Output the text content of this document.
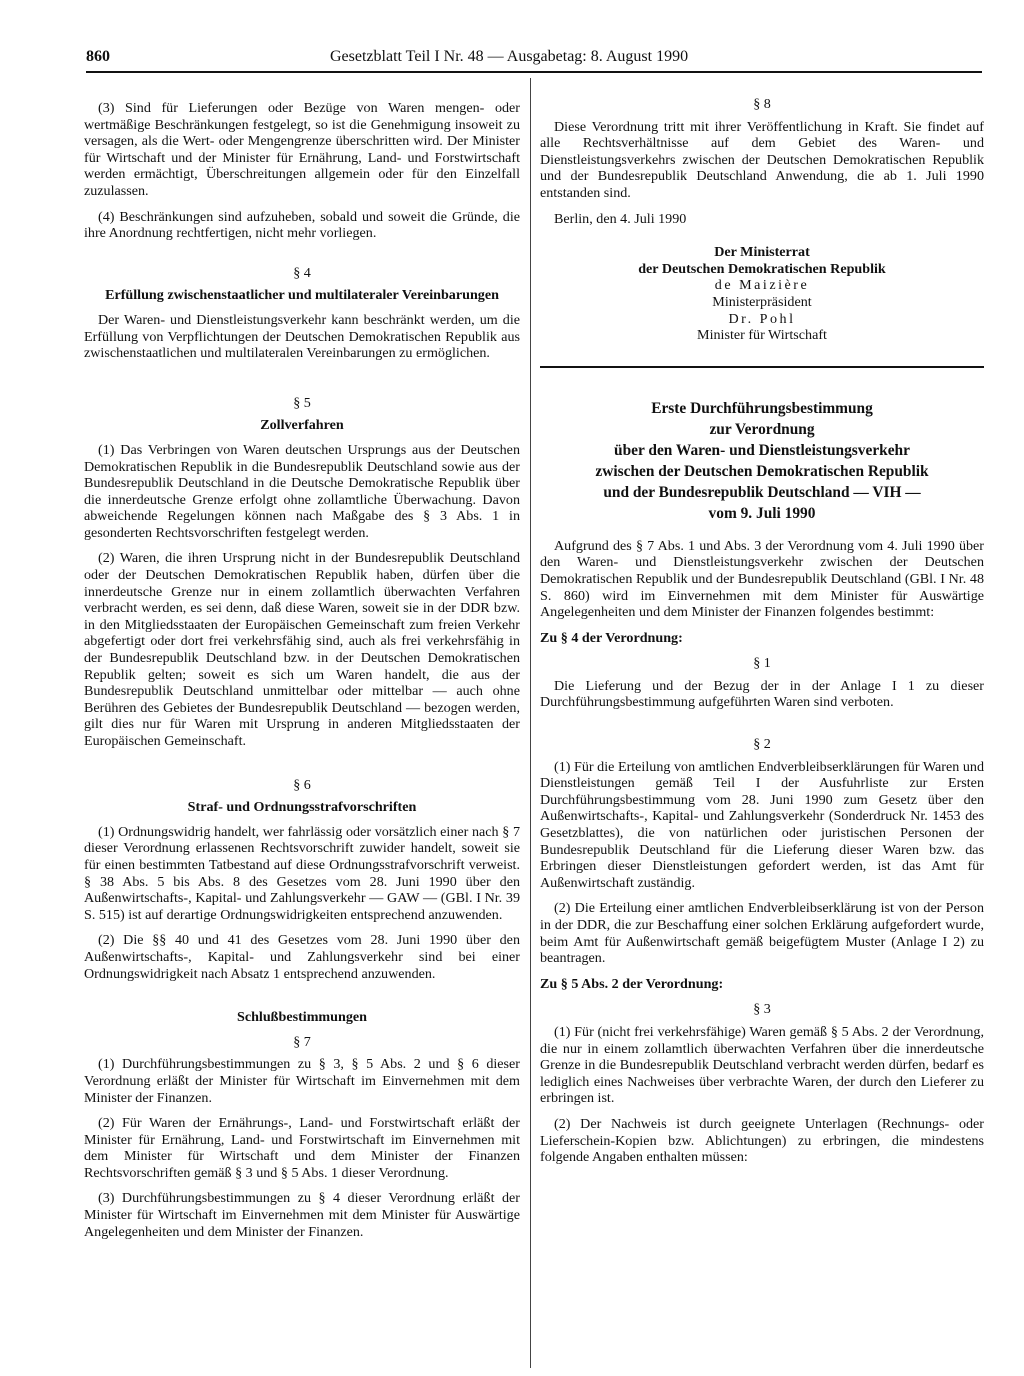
860	Gesetzblatt Teil I Nr. 48 — Ausgabetag: 8. August 1990

(3) Sind für Lieferungen oder Bezüge von Waren mengen- oder wertmäßige Beschränkungen festgelegt, so ist die Genehmigung insoweit zu versagen, als die Wert- oder Mengengrenze überschritten wird. Der Minister für Wirtschaft und der Minister für Ernährung, Land- und Forstwirtschaft werden ermächtigt, Überschreitungen allgemein oder für den Einzelfall zuzulassen.

(4) Beschränkungen sind aufzuheben, sobald und soweit die Gründe, die ihre Anordnung rechtfertigen, nicht mehr vorliegen.

§ 4
Erfüllung zwischenstaatlicher und multilateraler Vereinbarungen

Der Waren- und Dienstleistungsverkehr kann beschränkt werden, um die Erfüllung von Verpflichtungen der Deutschen Demokratischen Republik aus zwischenstaatlichen und multilateralen Vereinbarungen zu ermöglichen.

§ 5
Zollverfahren

(1) Das Verbringen von Waren deutschen Ursprungs aus der Deutschen Demokratischen Republik in die Bundesrepublik Deutschland sowie aus der Bundesrepublik Deutschland in die Deutsche Demokratische Republik über die innerdeutsche Grenze erfolgt ohne zollamtliche Überwachung. Davon abweichende Regelungen können nach Maßgabe des § 3 Abs. 1 in gesonderten Rechtsvorschriften festgelegt werden.

(2) Waren, die ihren Ursprung nicht in der Bundesrepublik Deutschland oder der Deutschen Demokratischen Republik haben, dürfen über die innerdeutsche Grenze nur in einem zollamtlich überwachten Verfahren verbracht werden, es sei denn, daß diese Waren, soweit sie in der DDR bzw. in den Mitgliedsstaaten der Europäischen Gemeinschaft zum freien Verkehr abgefertigt oder dort frei verkehrsfähig sind, auch als frei verkehrsfähig in der Bundesrepublik Deutschland bzw. in der Deutschen Demokratischen Republik gelten; soweit es sich um Waren handelt, die aus der Bundesrepublik Deutschland unmittelbar oder mittelbar — auch ohne Berühren des Gebietes der Bundesrepublik Deutschland — bezogen werden, gilt dies nur für Waren mit Ursprung in anderen Mitgliedsstaaten der Europäischen Gemeinschaft.

§ 6
Straf- und Ordnungsstrafvorschriften

(1) Ordnungswidrig handelt, wer fahrlässig oder vorsätzlich einer nach § 7 dieser Verordnung erlassenen Rechtsvorschrift zuwider handelt, soweit sie für einen bestimmten Tatbestand auf diese Ordnungsstrafvorschrift verweist. § 38 Abs. 5 bis Abs. 8 des Gesetzes vom 28. Juni 1990 über den Außenwirtschafts-, Kapital- und Zahlungsverkehr — GAW — (GBl. I Nr. 39 S. 515) ist auf derartige Ordnungswidrigkeiten entsprechend anzuwenden.

(2) Die §§ 40 und 41 des Gesetzes vom 28. Juni 1990 über den Außenwirtschafts-, Kapital- und Zahlungsverkehr sind bei einer Ordnungswidrigkeit nach Absatz 1 entsprechend anzuwenden.

Schlußbestimmungen
§ 7

(1) Durchführungsbestimmungen zu § 3, § 5 Abs. 2 und § 6 dieser Verordnung erläßt der Minister für Wirtschaft im Einvernehmen mit dem Minister der Finanzen.

(2) Für Waren der Ernährungs-, Land- und Forstwirtschaft erläßt der Minister für Ernährung, Land- und Forstwirtschaft im Einvernehmen mit dem Minister für Wirtschaft und dem Minister der Finanzen Rechtsvorschriften gemäß § 3 und § 5 Abs. 1 dieser Verordnung.

(3) Durchführungsbestimmungen zu § 4 dieser Verordnung erläßt der Minister für Wirtschaft im Einvernehmen mit dem Minister für Auswärtige Angelegenheiten und dem Minister der Finanzen.

§ 8

Diese Verordnung tritt mit ihrer Veröffentlichung in Kraft. Sie findet auf alle Rechtsverhältnisse auf dem Gebiet des Waren- und Dienstleistungsverkehrs zwischen der Deutschen Demokratischen Republik und der Bundesrepublik Deutschland Anwendung, die ab 1. Juli 1990 entstanden sind.

Berlin, den 4. Juli 1990

Der Ministerrat
der Deutschen Demokratischen Republik
de Maizière
Ministerpräsident
Dr. Pohl
Minister für Wirtschaft
Erste Durchführungsbestimmung
zur Verordnung
über den Waren- und Dienstleistungsverkehr
zwischen der Deutschen Demokratischen Republik
und der Bundesrepublik Deutschland — VIH —
vom 9. Juli 1990

Aufgrund des § 7 Abs. 1 und Abs. 3 der Verordnung vom 4. Juli 1990 über den Waren- und Dienstleistungsverkehr zwischen der Deutschen Demokratischen Republik und der Bundesrepublik Deutschland (GBl. I Nr. 48 S. 860) wird im Einvernehmen mit dem Minister für Auswärtige Angelegenheiten und dem Minister der Finanzen folgendes bestimmt:

Zu § 4 der Verordnung:

§ 1

Die Lieferung und der Bezug der in der Anlage I 1 zu dieser Durchführungsbestimmung aufgeführten Waren sind verboten.

§ 2

(1) Für die Erteilung von amtlichen Endverbleibserklärungen für Waren und Dienstleistungen gemäß Teil I der Ausfuhrliste zur Ersten Durchführungsbestimmung vom 28. Juni 1990 zum Gesetz über den Außenwirtschafts-, Kapital- und Zahlungsverkehr (Sonderdruck Nr. 1453 des Gesetzblattes), die von natürlichen oder juristischen Personen der Bundesrepublik Deutschland für die Lieferung dieser Waren bzw. das Erbringen dieser Dienstleistungen gefordert werden, ist das Amt für Außenwirtschaft zuständig.

(2) Die Erteilung einer amtlichen Endverbleibserklärung ist von der Person in der DDR, die zur Beschaffung einer solchen Erklärung aufgefordert wurde, beim Amt für Außenwirtschaft gemäß beigefügtem Muster (Anlage I 2) zu beantragen.

Zu § 5 Abs. 2 der Verordnung:

§ 3

(1) Für (nicht frei verkehrsfähige) Waren gemäß § 5 Abs. 2 der Verordnung, die nur in einem zollamtlich überwachten Verfahren über die innerdeutsche Grenze in die Bundesrepublik Deutschland verbracht werden dürfen, bedarf es lediglich eines Nachweises über verbrachte Waren, der durch den Lieferer zu erbringen ist.

(2) Der Nachweis ist durch geeignete Unterlagen (Rechnungs- oder Lieferschein-Kopien bzw. Ablichtungen) zu erbringen, die mindestens folgende Angaben enthalten müssen:
